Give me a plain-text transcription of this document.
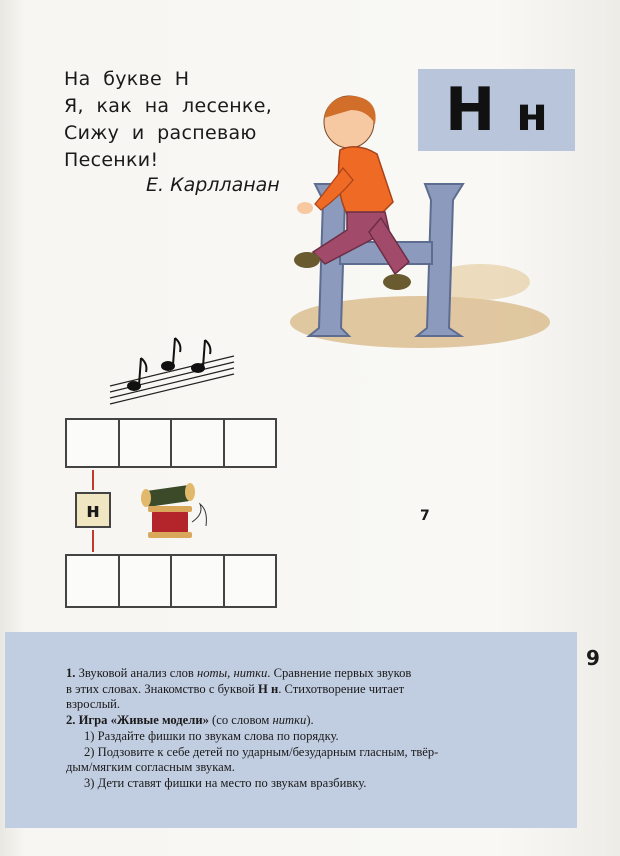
На  букве  Н
Я,  как  на  лесенке,
Сижу  и  распеваю
Песенки!
Е. Карлланан
Н н
н	7
9

1. Звуковой анализ слов ноты, нитки. Сравнение первых звуков

в этих словах. Знакомство с буквой Н н. Стихотворение читает

взрослый.

2. Игра «Живые модели» (со словом нитки).

1) Раздайте фишки по звукам слова по порядку.

2) Подзовите к себе детей по ударным/безударным гласным, твёр-

дым/мягким согласным звукам.

3) Дети ставят фишки на место по звукам вразбивку.
